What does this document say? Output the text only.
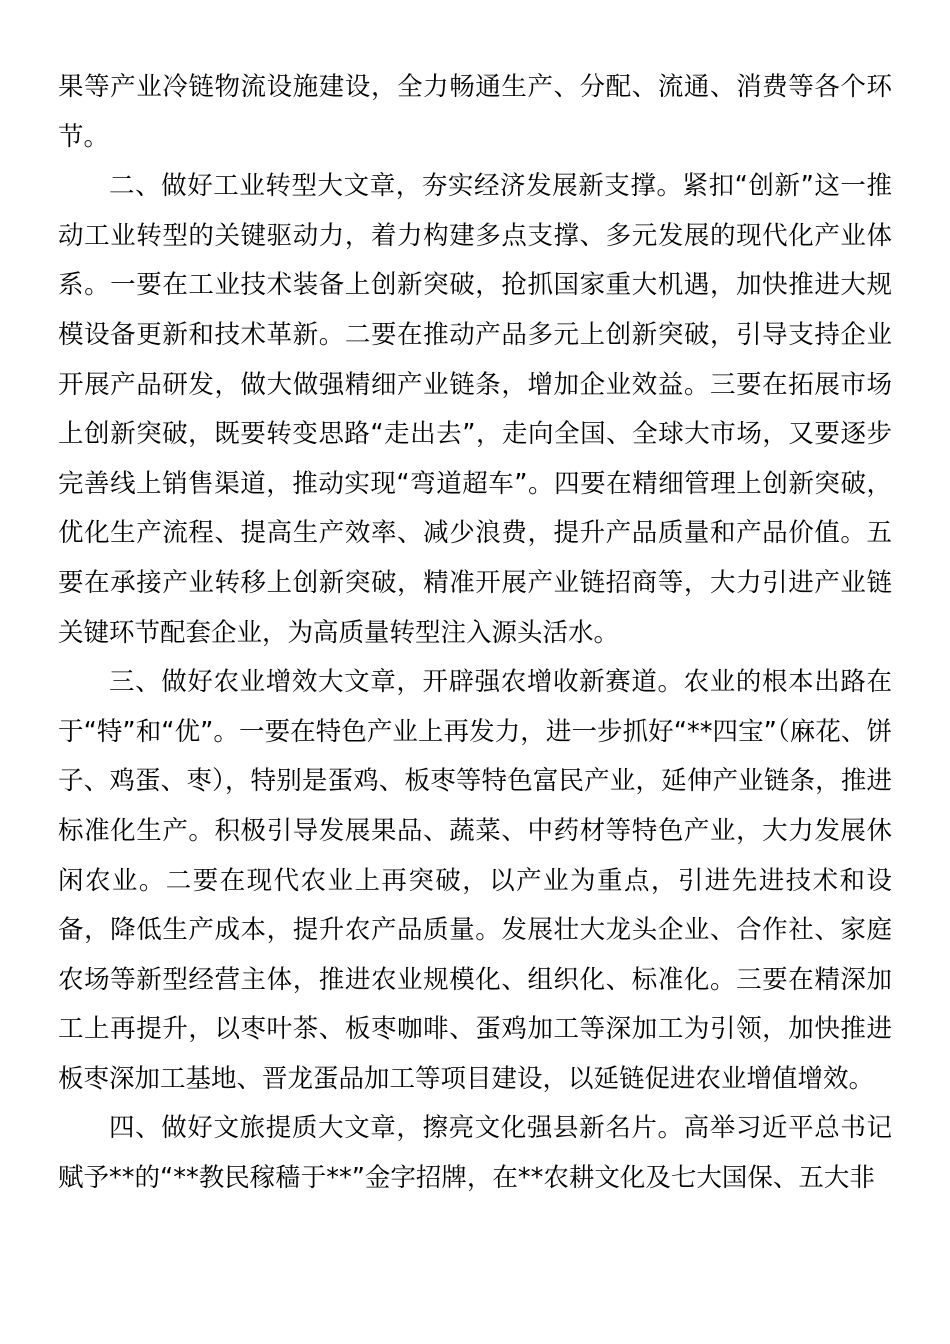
果等产业冷链物流设施建设，全力畅通生产、分配、流通、消费等各个环节。

二、做好工业转型大文章，夯实经济发展新支撑。紧扣“创新”这一推动工业转型的关键驱动力，着力构建多点支撑、多元发展的现代化产业体系。一要在工业技术装备上创新突破，抢抓国家重大机遇，加快推进大规模设备更新和技术革新。二要在推动产品多元上创新突破，引导支持企业开展产品研发，做大做强精细产业链条，增加企业效益。三要在拓展市场上创新突破，既要转变思路“走出去”，走向全国、全球大市场，又要逐步完善线上销售渠道，推动实现“弯道超车”。四要在精细管理上创新突破，优化生产流程、提高生产效率、减少浪费，提升产品质量和产品价值。五要在承接产业转移上创新突破，精准开展产业链招商等，大力引进产业链关键环节配套企业，为高质量转型注入源头活水。

三、做好农业增效大文章，开辟强农增收新赛道。农业的根本出路在于“特”和“优”。一要在特色产业上再发力，进一步抓好“**四宝”（麻花、饼子、鸡蛋、枣），特别是蛋鸡、板枣等特色富民产业，延伸产业链条，推进标准化生产。积极引导发展果品、蔬菜、中药材等特色产业，大力发展休闲农业。二要在现代农业上再突破，以产业为重点，引进先进技术和设备，降低生产成本，提升农产品质量。发展壮大龙头企业、合作社、家庭农场等新型经营主体，推进农业规模化、组织化、标准化。三要在精深加工上再提升，以枣叶茶、板枣咖啡、蛋鸡加工等深加工为引领，加快推进板枣深加工基地、晋龙蛋品加工等项目建设，以延链促进农业增值增效。

四、做好文旅提质大文章，擦亮文化强县新名片。高举习近平总书记赋予**的“**教民稼穑于**”金字招牌，在**农耕文化及七大国保、五大非
